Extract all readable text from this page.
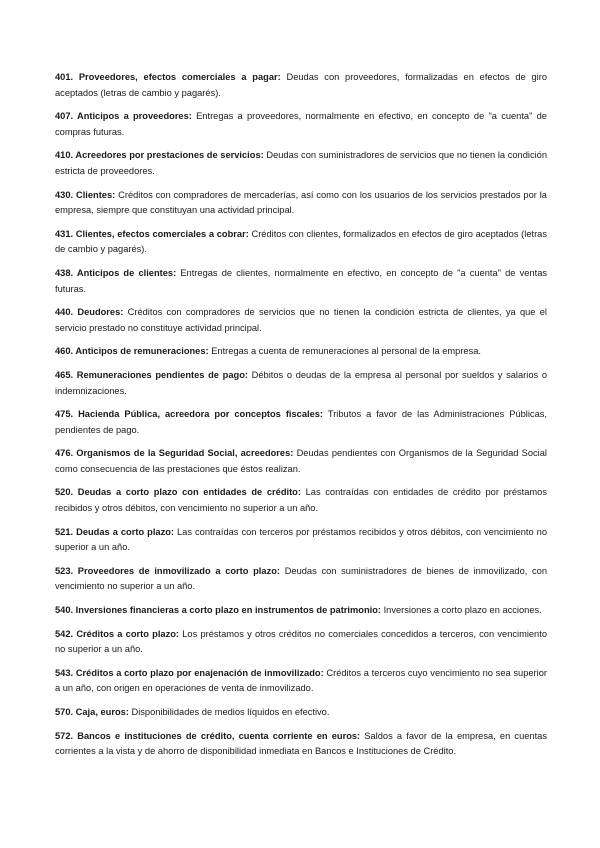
401. Proveedores, efectos comerciales a pagar: Deudas con proveedores, formalizadas en efectos de giro aceptados (letras de cambio y pagarés).

407. Anticipos a proveedores: Entregas a proveedores, normalmente en efectivo, en concepto de "a cuenta" de compras futuras.

410. Acreedores por prestaciones de servicios: Deudas con suministradores de servicios que no tienen la condición estricta de proveedores.

430. Clientes: Créditos con compradores de mercaderías, así como con los usuarios de los servicios prestados por la empresa, siempre que constituyan una actividad principal.

431. Clientes, efectos comerciales a cobrar: Créditos con clientes, formalizados en efectos de giro aceptados (letras de cambio y pagarés).

438. Anticipos de clientes: Entregas de clientes, normalmente en efectivo, en concepto de "a cuenta" de ventas futuras.

440. Deudores: Créditos con compradores de servicios que no tienen la condición estricta de clientes, ya que el servicio prestado no constituye actividad principal.

460. Anticipos de remuneraciones: Entregas a cuenta de remuneraciones al personal de la empresa.

465. Remuneraciones pendientes de pago: Débitos o deudas de la empresa al personal por sueldos y salarios o indemnizaciones.

475. Hacienda Pública, acreedora por conceptos fiscales: Tributos a favor de las Administraciones Públicas, pendientes de pago.

476. Organismos de la Seguridad Social, acreedores: Deudas pendientes con Organismos de la Seguridad Social como consecuencia de las prestaciones que éstos realizan.

520. Deudas a corto plazo con entidades de crédito: Las contraídas con entidades de crédito por préstamos recibidos y otros débitos, con vencimiento no superior a un año.

521. Deudas a corto plazo: Las contraídas con terceros por préstamos recibidos y otros débitos, con vencimiento no superior a un año.

523. Proveedores de inmovilizado a corto plazo: Deudas con suministradores de bienes de inmovilizado, con vencimiento no superior a un año.

540. Inversiones financieras a corto plazo en instrumentos de patrimonio: Inversiones a corto plazo en acciones.

542. Créditos a corto plazo: Los préstamos y otros créditos no comerciales concedidos a terceros, con vencimiento no superior a un año.

543. Créditos a corto plazo por enajenación de inmovilizado: Créditos a terceros cuyo vencimiento no sea superior a un año, con origen en operaciones de venta de inmovilizado.

570. Caja, euros: Disponibilidades de medios líquidos en efectivo.

572. Bancos e instituciones de crédito, cuenta corriente en euros: Saldos a favor de la empresa, en cuentas corrientes a la vista y de ahorro de disponibilidad inmediata en Bancos e Instituciones de Crédito.
